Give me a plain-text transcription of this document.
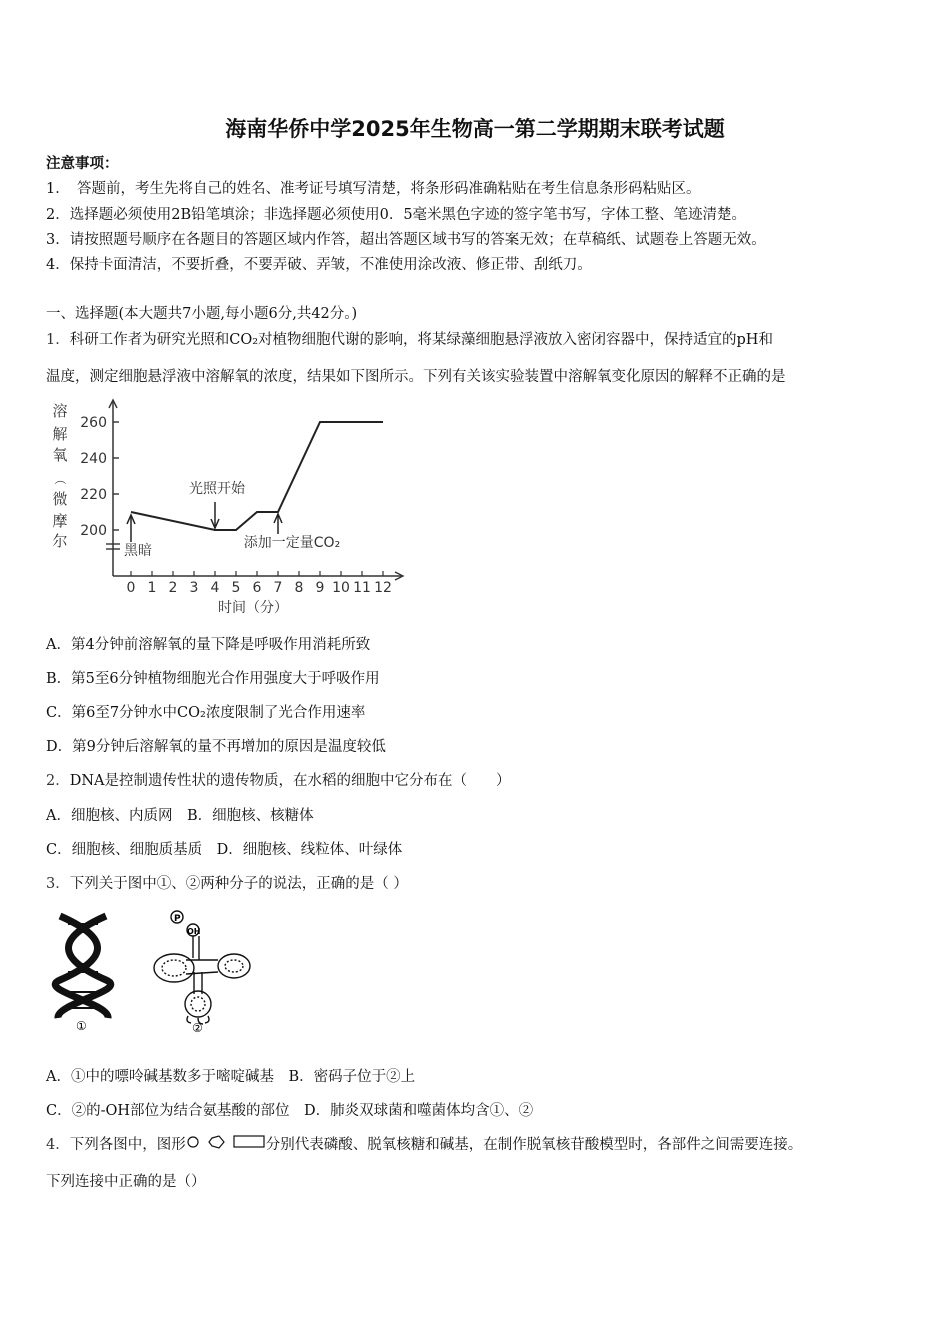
海南华侨中学2025年生物高一第二学期期末联考试题
注意事项：
1．　答题前，考生先将自己的姓名、准考证号填写清楚，将条形码准确粘贴在考生信息条形码粘贴区。
2．选择题必须使用2B铅笔填涂；非选择题必须使用0．5毫米黑色字迹的签字笔书写，字体工整、笔迹清楚。
3．请按照题号顺序在各题目的答题区域内作答，超出答题区域书写的答案无效；在草稿纸、试题卷上答题无效。
4．保持卡面清洁，不要折叠，不要弄破、弄皱，不准使用涂改液、修正带、刮纸刀。
一、选择题(本大题共7小题,每小题6分,共42分。)
1．科研工作者为研究光照和CO₂对植物细胞代谢的影响，将某绿藻细胞悬浮液放入密闭容器中，保持适宜的pH和
温度，测定细胞悬浮液中溶解氧的浓度，结果如下图所示。下列有关该实验装置中溶解氧变化原因的解释不正确的是
200
220
240
260
0 1 2 3 4 5 6 7 8 9 10 11 12
溶
解
氧
（
微
摩
尔
时间（分）
黑暗
光照开始
添加一定量CO₂
A．第4分钟前溶解氧的量下降是呼吸作用消耗所致
B．第5至6分钟植物细胞光合作用强度大于呼吸作用
C．第6至7分钟水中CO₂浓度限制了光合作用速率
D．第9分钟后溶解氧的量不再增加的原因是温度较低
2．DNA是控制遗传性状的遗传物质，在水稻的细胞中它分布在（　　）
A．细胞核、内质网　B．细胞核、核糖体
C．细胞核、细胞质基质　D．细胞核、线粒体、叶绿体
3．下列关于图中①、②两种分子的说法，正确的是（ ）
①
P
OH
②
A．①中的嘌呤碱基数多于嘧啶碱基　B．密码子位于②上
C．②的-OH部位为结合氨基酸的部位　D．肺炎双球菌和噬菌体均含①、②
4．下列各图中，图形	分别代表磷酸、脱氧核糖和碱基，在制作脱氧核苷酸模型时，各部件之间需要连接。
下列连接中正确的是（）
